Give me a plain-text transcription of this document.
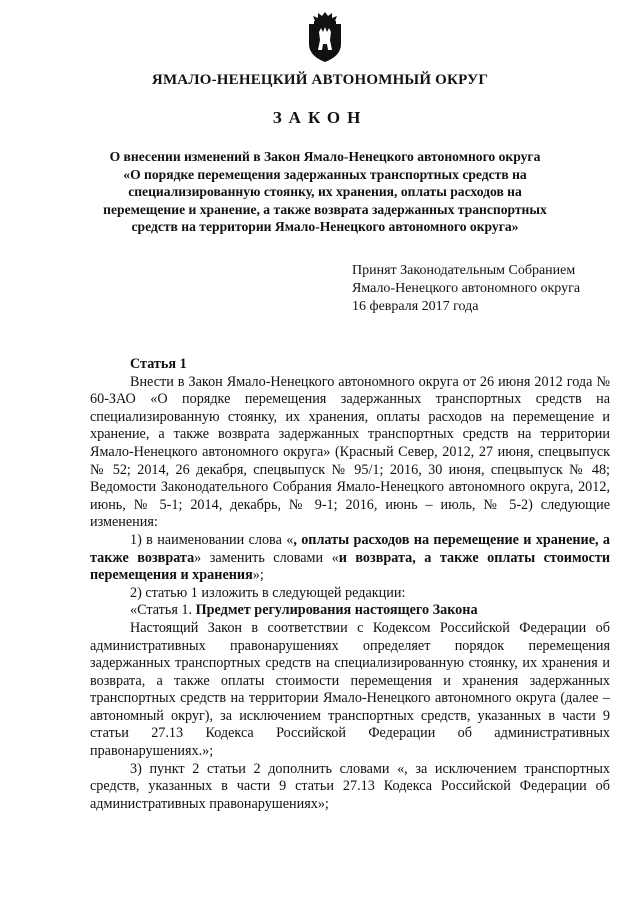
ЯМАЛО-НЕНЕЦКИЙ АВТОНОМНЫЙ ОКРУГ
ЗАКОН
О внесении изменений в Закон Ямало-Ненецкого автономного округа «О порядке перемещения задержанных транспортных средств на специализированную стоянку, их хранения, оплаты расходов на перемещение и хранение, а также возврата задержанных транспортных средств на территории Ямало-Ненецкого автономного округа»
Принят Законодательным Собранием
Ямало-Ненецкого автономного округа
16 февраля 2017 года

Статья 1

Внести в Закон Ямало-Ненецкого автономного округа от 26 июня 2012 года № 60-ЗАО «О порядке перемещения задержанных транспортных средств на специализированную стоянку, их хранения, оплаты расходов на перемещение и хранение, а также возврата задержанных транспортных средств на территории Ямало-Ненецкого автономного округа» (Красный Север, 2012, 27 июня, спецвыпуск № 52; 2014, 26 декабря, спецвыпуск № 95/1; 2016, 30 июня, спецвыпуск № 48; Ведомости Законодательного Собрания Ямало-Ненецкого автономного округа, 2012, июнь, № 5-1; 2014, декабрь, № 9-1; 2016, июнь – июль, № 5-2) следующие изменения:

1) в наименовании слова «, оплаты расходов на перемещение и хранение, а также возврата» заменить словами «и возврата, а также оплаты стоимости перемещения и хранения»;

2) статью 1 изложить в следующей редакции:

«Статья 1. Предмет регулирования настоящего Закона

Настоящий Закон в соответствии с Кодексом Российской Федерации об административных правонарушениях определяет порядок перемещения задержанных транспортных средств на специализированную стоянку, их хранения и возврата, а также оплаты стоимости перемещения и хранения задержанных транспортных средств на территории Ямало-Ненецкого автономного округа (далее – автономный округ), за исключением транспортных средств, указанных в части 9 статьи 27.13 Кодекса Российской Федерации об административных правонарушениях.»;

3) пункт 2 статьи 2 дополнить словами «, за исключением транспортных средств, указанных в части 9 статьи 27.13 Кодекса Российской Федерации об административных правонарушениях»;
